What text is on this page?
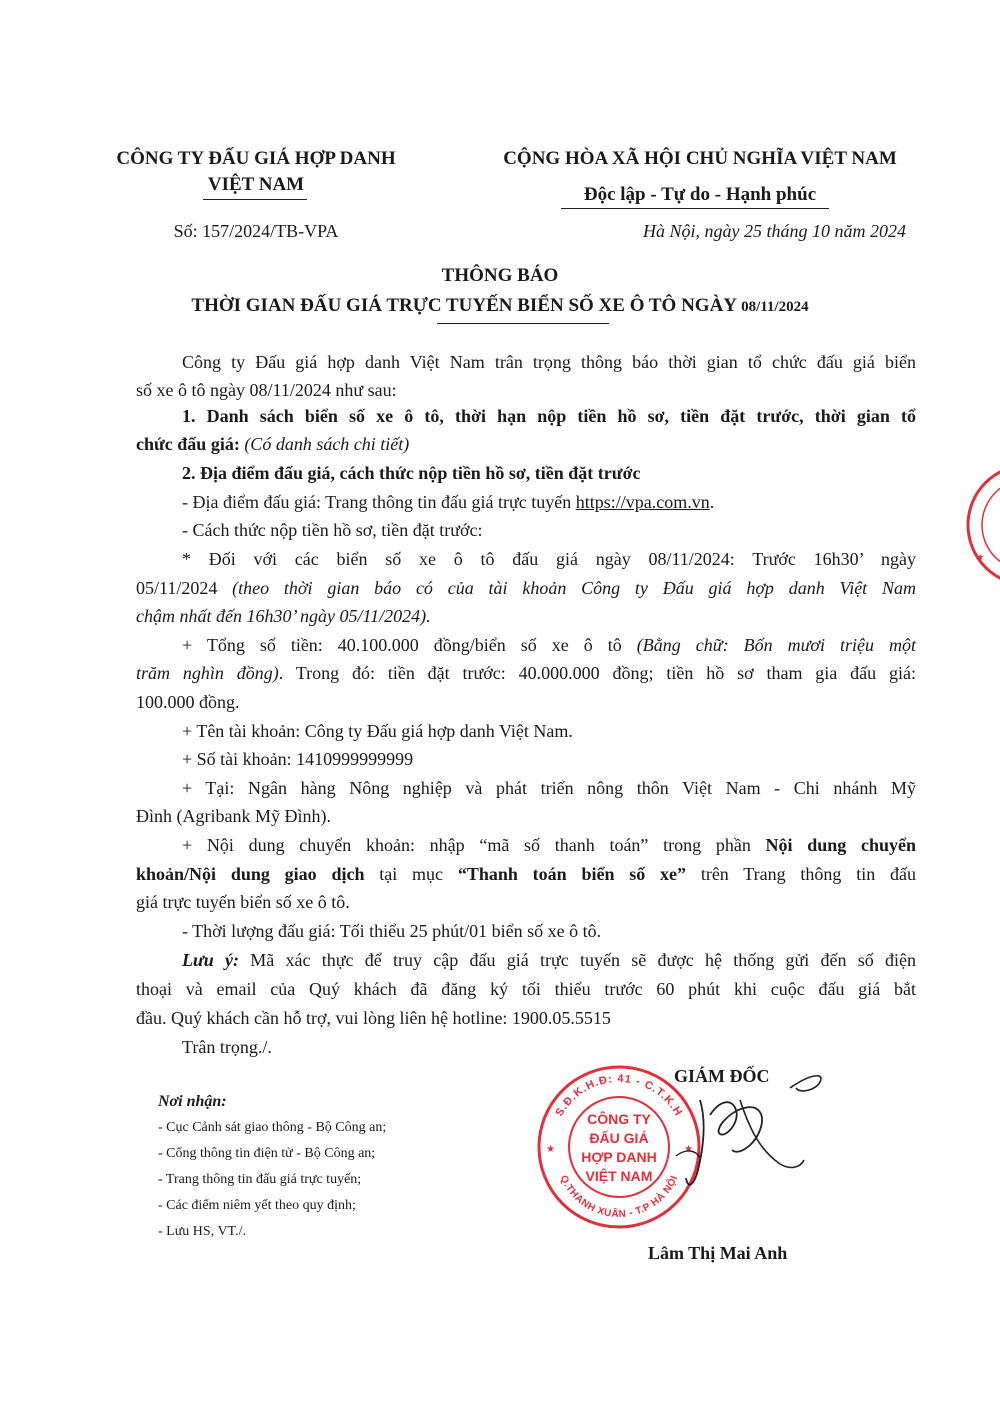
CÔNG TY ĐẤU GIÁ HỢP DANH
VIỆT NAM
Số: 157/2024/TB-VPA
CỘNG HÒA XÃ HỘI CHỦ NGHĨA VIỆT NAM
Độc lập - Tự do - Hạnh phúc
Hà Nội, ngày 25 tháng 10 năm 2024
THÔNG BÁO
THỜI GIAN ĐẤU GIÁ TRỰC TUYẾN BIỂN SỐ XE Ô TÔ NGÀY 08/11/2024
Công ty Đấu giá hợp danh Việt Nam trân trọng thông báo thời gian tổ chức đấu giá biển
số xe ô tô ngày 08/11/2024 như sau:
1. Danh sách biển số xe ô tô, thời hạn nộp tiền hồ sơ, tiền đặt trước, thời gian tổ
chức đấu giá: (Có danh sách chi tiết)
2. Địa điểm đấu giá, cách thức nộp tiền hồ sơ, tiền đặt trước
- Địa điểm đấu giá: Trang thông tin đấu giá trực tuyến https://vpa.com.vn.
- Cách thức nộp tiền hồ sơ, tiền đặt trước:
* Đối với các biển số xe ô tô đấu giá ngày 08/11/2024: Trước 16h30’ ngày
05/11/2024 (theo thời gian báo có của tài khoản Công ty Đấu giá hợp danh Việt Nam
chậm nhất đến 16h30’ ngày 05/11/2024).
+ Tổng số tiền: 40.100.000 đồng/biển số xe ô tô (Bằng chữ: Bốn mươi triệu một
trăm nghìn đồng). Trong đó: tiền đặt trước: 40.000.000 đồng; tiền hồ sơ tham gia đấu giá:
100.000 đồng.
+ Tên tài khoản: Công ty Đấu giá hợp danh Việt Nam.
+ Số tài khoản: 1410999999999
+ Tại: Ngân hàng Nông nghiệp và phát triển nông thôn Việt Nam - Chi nhánh Mỹ
Đình (Agribank Mỹ Đình).
+ Nội dung chuyển khoản: nhập “mã số thanh toán” trong phần Nội dung chuyển
khoản/Nội dung giao dịch tại mục “Thanh toán biển số xe” trên Trang thông tin đấu
giá trực tuyến biển số xe ô tô.
- Thời lượng đấu giá: Tối thiểu 25 phút/01 biển số xe ô tô.
Lưu ý: Mã xác thực để truy cập đấu giá trực tuyến sẽ được hệ thống gửi đến số điện
thoại và email của Quý khách đã đăng ký tối thiểu trước 60 phút khi cuộc đấu giá bắt
đầu. Quý khách cần hỗ trợ, vui lòng liên hệ hotline: 1900.05.5515
Trân trọng./.
Nơi nhận:
- Cục Cảnh sát giao thông - Bộ Công an;
- Cổng thông tin điện tử - Bộ Công an;
- Trang thông tin đấu giá trực tuyến;
- Các điểm niêm yết theo quy định;
- Lưu HS, VT./.
GIÁM ĐỐC
S.Đ.K.H.Đ: 41 - C.T.K.H
Q.THANH XUÂN - T.P HÀ NỘI
★	★
CÔNG TY
ĐẤU GIÁ
HỢP DANH
VIỆT NAM
Lâm Thị Mai Anh
★
